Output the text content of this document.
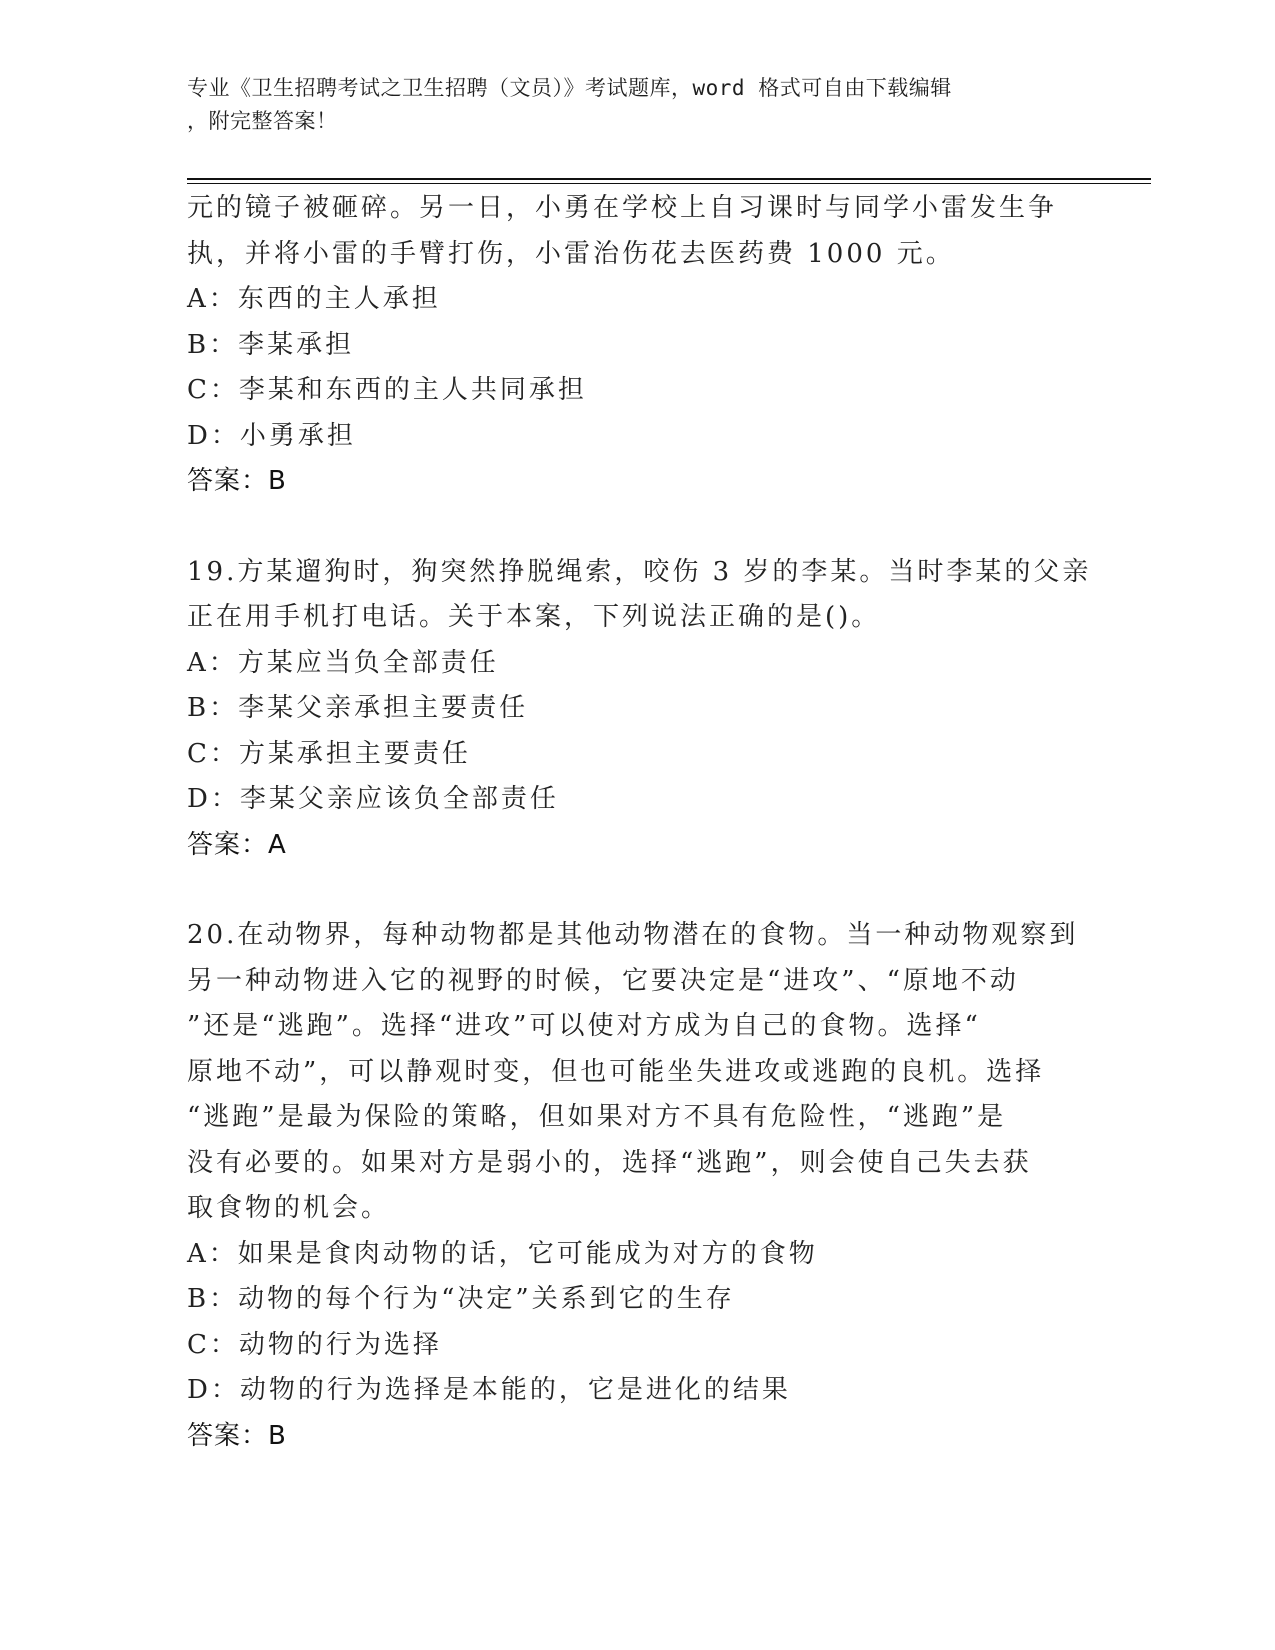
专业《卫生招聘考试之卫生招聘（文员）》考试题库，word 格式可自由下载编辑
，附完整答案！

元的镜子被砸碎。另一日，小勇在学校上自习课时与同学小雷发生争

执，并将小雷的手臂打伤，小雷治伤花去医药费 1000 元。

A：东西的主人承担

B：李某承担

C：李某和东西的主人共同承担

D：小勇承担

答案：B

19.方某遛狗时，狗突然挣脱绳索，咬伤 3 岁的李某。当时李某的父亲

正在用手机打电话。关于本案，下列说法正确的是()。

A：方某应当负全部责任

B：李某父亲承担主要责任

C：方某承担主要责任

D：李某父亲应该负全部责任

答案：A

20.在动物界，每种动物都是其他动物潜在的食物。当一种动物观察到

另一种动物进入它的视野的时候，它要决定是“进攻”、“原地不动

”还是“逃跑”。选择“进攻”可以使对方成为自己的食物。选择“

原地不动”，可以静观时变，但也可能坐失进攻或逃跑的良机。选择

“逃跑”是最为保险的策略，但如果对方不具有危险性，“逃跑”是

没有必要的。如果对方是弱小的，选择“逃跑”，则会使自己失去获

取食物的机会。

A：如果是食肉动物的话，它可能成为对方的食物

B：动物的每个行为“决定”关系到它的生存

C：动物的行为选择

D：动物的行为选择是本能的，它是进化的结果

答案：B
